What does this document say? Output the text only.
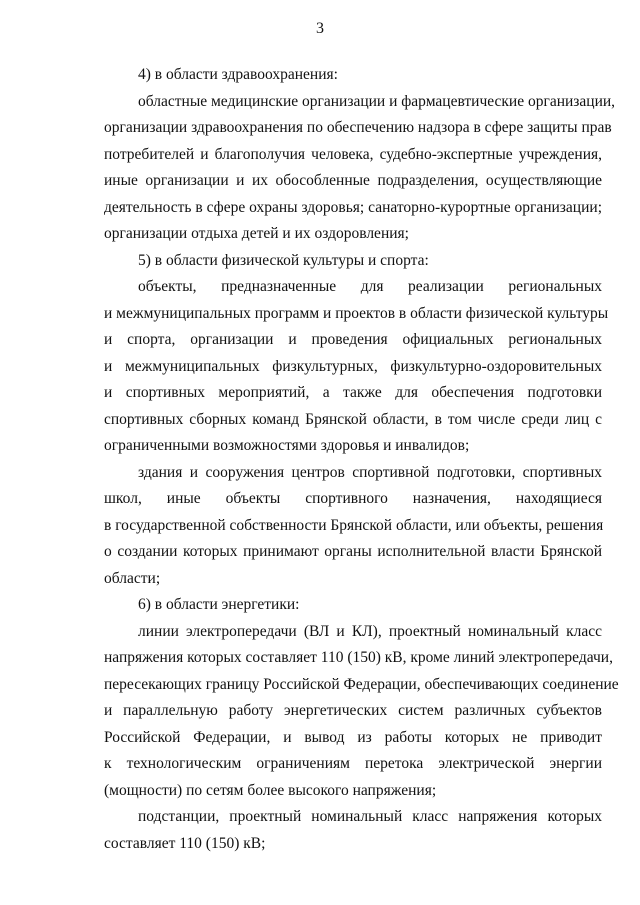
3
4) в области здравоохранения:
областные медицинские организации и фармацевтические организации,
организации здравоохранения по обеспечению надзора в сфере защиты прав
потребителей и благополучия человека, судебно-экспертные учреждения,
иные организации и их обособленные подразделения, осуществляющие
деятельность в сфере охраны здоровья; санаторно-курортные организации;
организации отдыха детей и их оздоровления;
5) в области физической культуры и спорта:
объекты, предназначенные для реализации региональных
и межмуниципальных программ и проектов в области физической культуры
и спорта, организации и проведения официальных региональных
и межмуниципальных физкультурных, физкультурно-оздоровительных
и спортивных мероприятий, а также для обеспечения подготовки
спортивных сборных команд Брянской области, в том числе среди лиц с
ограниченными возможностями здоровья и инвалидов;
здания и сооружения центров спортивной подготовки, спортивных
школ, иные объекты спортивного назначения, находящиеся
в государственной собственности Брянской области, или объекты, решения
о создании которых принимают органы исполнительной власти Брянской
области;
6) в области энергетики:
линии электропередачи (ВЛ и КЛ), проектный номинальный класс
напряжения которых составляет 110 (150) кВ, кроме линий электропередачи,
пересекающих границу Российской Федерации, обеспечивающих соединение
и параллельную работу энергетических систем различных субъектов
Российской Федерации, и вывод из работы которых не приводит
к технологическим ограничениям перетока электрической энергии
(мощности) по сетям более высокого напряжения;
подстанции, проектный номинальный класс напряжения которых
составляет 110 (150) кВ;
